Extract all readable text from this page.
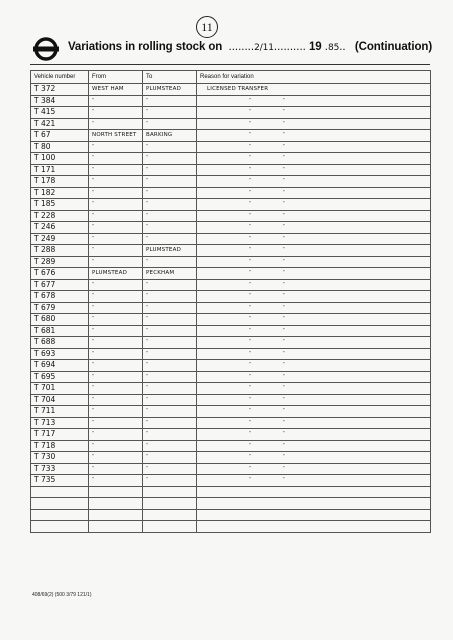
11
Variations in rolling stock on  ........2/11.......... 19 .85.. (Continuation)
Vehicle number	From	To	Reason for variation
T 372	WEST HAM	PLUMSTEAD	LICENSED TRANSFER
T 384	"	"	" "
T 415	"	"	" "
T 421	"	"	" "
T 67	NORTH STREET	BARKING	" "
T 80	"	"	" "
T 100	"	"	" "
T 171	"	"	" "
T 178	"	"	" "
T 182	"	"	" "
T 185	"	"	" "
T 228	"	"	" "
T 246	"	"	" "
T 249	"	"	" "
T 288	"	PLUMSTEAD	" "
T 289	"	"	" "
T 676	PLUMSTEAD	PECKHAM	" "
T 677	"	"	" "
T 678	"	"	" "
T 679	"	"	" "
T 680	"	"	" "
T 681	"	"	" "
T 688	"	"	" "
T 693	"	"	" "
T 694	"	"	" "
T 695	"	"	" "
T 701	"	"	" "
T 704	"	"	" "
T 711	"	"	" "
T 713	"	"	" "
T 717	"	"	" "
T 718	"	"	" "
T 730	"	"	" "
T 733	"	"	" "
T 735	"	"	" "

408/69(2) (500 3/79 121/1)
